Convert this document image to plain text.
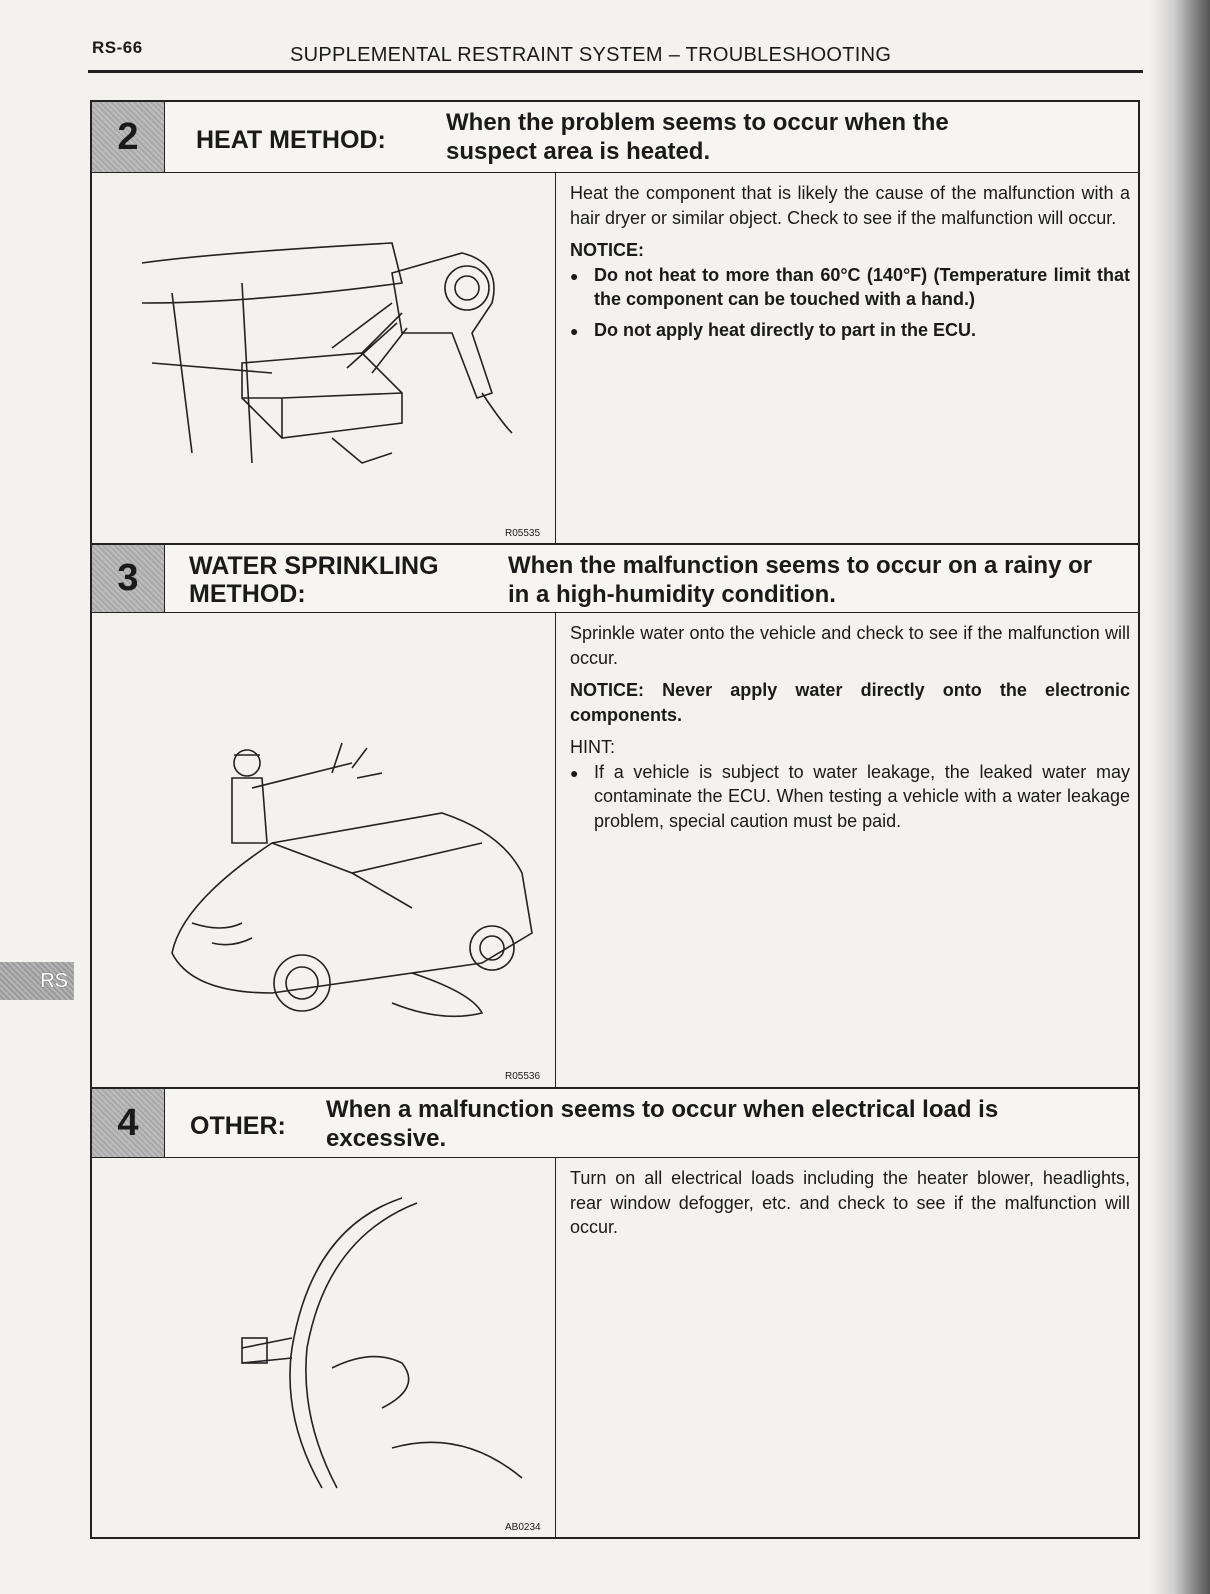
RS-66	SUPPLEMENTAL RESTRAINT SYSTEM – TROUBLESHOOTING
RS
2	HEAT METHOD:
When the problem seems to occur when the suspect area is heated.
R05535

Heat the component that is likely the cause of the malfunction with a hair dryer or similar object. Check to see if the malfunction will occur.

NOTICE:
● Do not heat to more than 60°C (140°F) (Temperature limit that the component can be touched with a hand.)
● Do not apply heat directly to part in the ECU.
3	WATER SPRINKLING METHOD:
When the malfunction seems to occur on a rainy or in a high-humidity condition.
R05536

Sprinkle water onto the vehicle and check to see if the malfunction will occur.

NOTICE: Never apply water directly onto the electronic components.

HINT:
● If a vehicle is subject to water leakage, the leaked water may contaminate the ECU. When testing a vehicle with a water leakage problem, special caution must be paid.
4	OTHER:
When a malfunction seems to occur when electrical load is excessive.
AB0234

Turn on all electrical loads including the heater blower, headlights, rear window defogger, etc. and check to see if the malfunction will occur.
